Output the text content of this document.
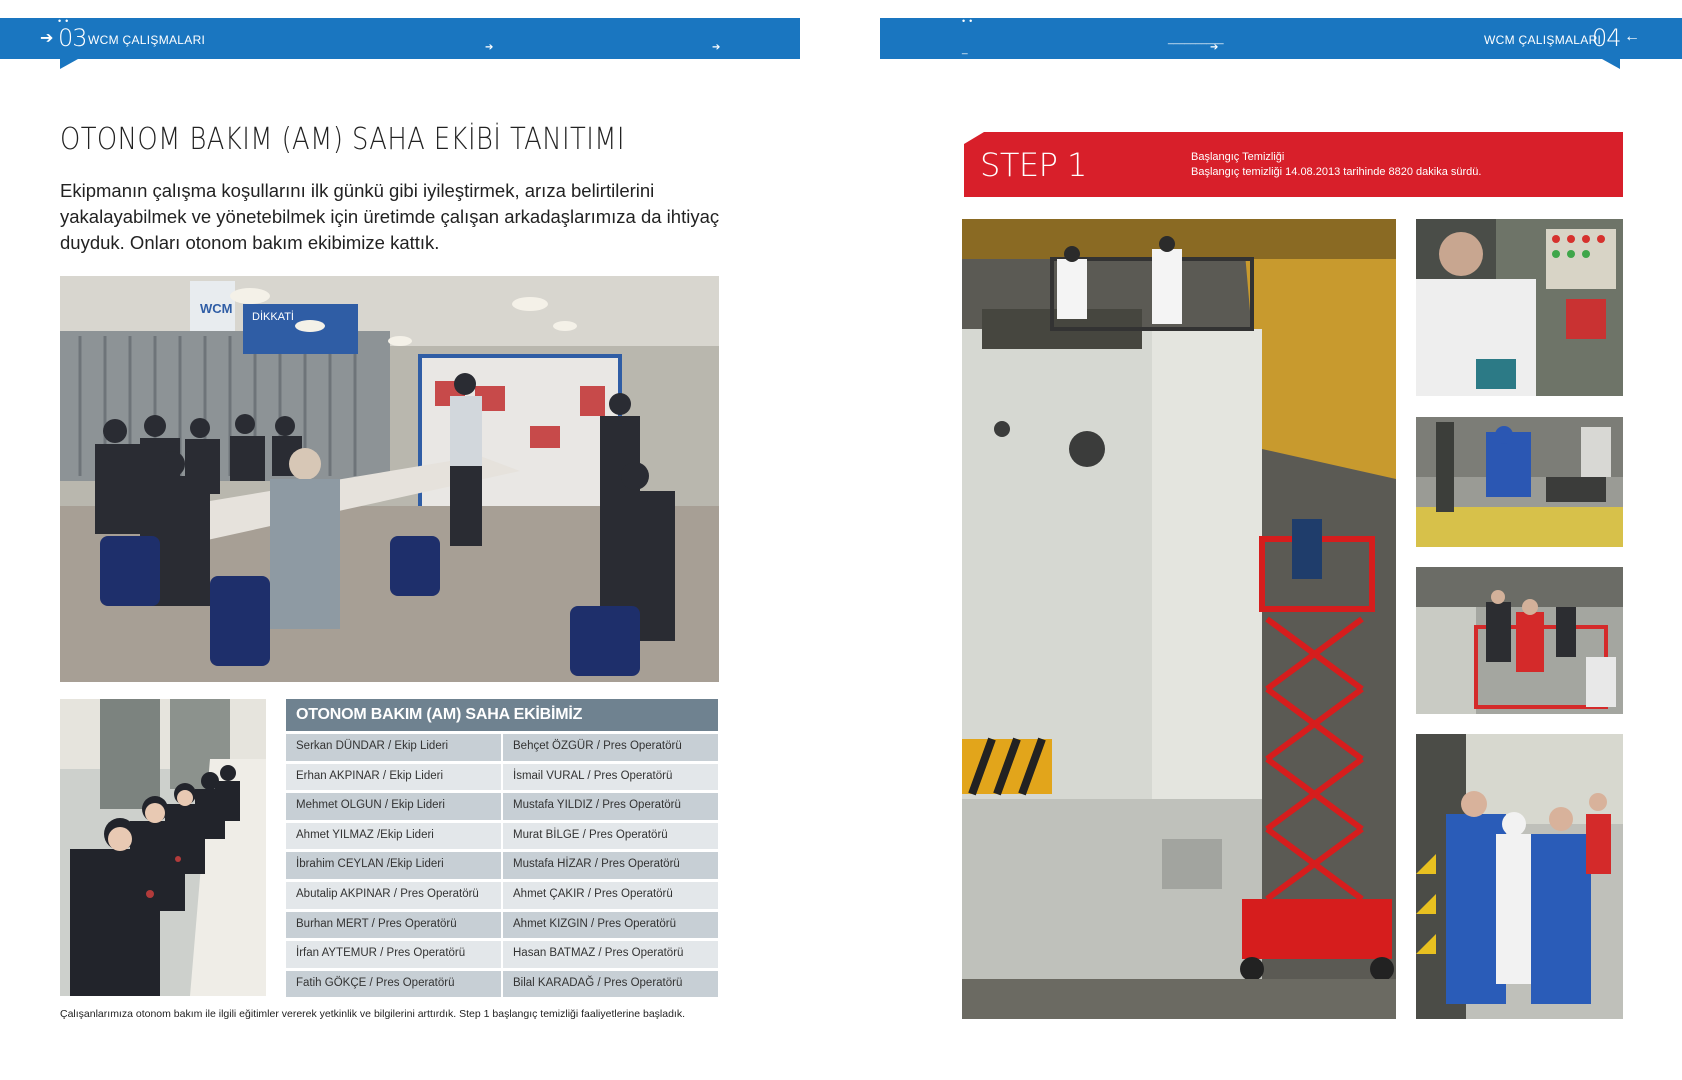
••
➔ 03 WCM ÇALIŞMALARI
➔	➔
OTONOM BAKIM (AM) SAHA EKİBİ TANITIMI
Ekipmanın çalışma koşullarını ilk günkü gibi iyileştirmek, arıza belirtilerini yakalayabilmek ve yönetebilmek için üretimde çalışan arkadaşlarımıza da ihtiyaç duyduk. Onları otonom bakım ekibimize kattık.
WCM
DİKKATİ
OTONOM BAKIM (AM) SAHA EKİBİMİZ
Serkan DÜNDAR / Ekip Lideri	Behçet ÖZGÜR / Pres Operatörü
Erhan AKPINAR / Ekip Lideri	İsmail VURAL / Pres Operatörü
Mehmet OLGUN / Ekip Lideri	Mustafa YILDIZ / Pres Operatörü
Ahmet YILMAZ /Ekip Lideri	Murat BİLGE / Pres Operatörü
İbrahim CEYLAN /Ekip Lideri	Mustafa HİZAR / Pres Operatörü
Abutalip AKPINAR / Pres Operatörü	Ahmet ÇAKIR / Pres Operatörü
Burhan MERT / Pres Operatörü	Ahmet KIZGIN / Pres Operatörü
İrfan AYTEMUR / Pres Operatörü	Hasan BATMAZ / Pres Operatörü
Fatih GÖKÇE / Pres Operatörü	Bilal KARADAĞ / Pres Operatörü
Çalışanlarımıza otonom bakım ile ilgili eğitimler vererek yetkinlik ve bilgilerini arttırdık. Step 1 başlangıç temizliği faaliyetlerine başladık.
••
_
__________
➔
WCM ÇALIŞMALARI
04 ←
STEP 1	Başlangıç Temizliği
Başlangıç temizliği 14.08.2013 tarihinde 8820 dakika sürdü.
